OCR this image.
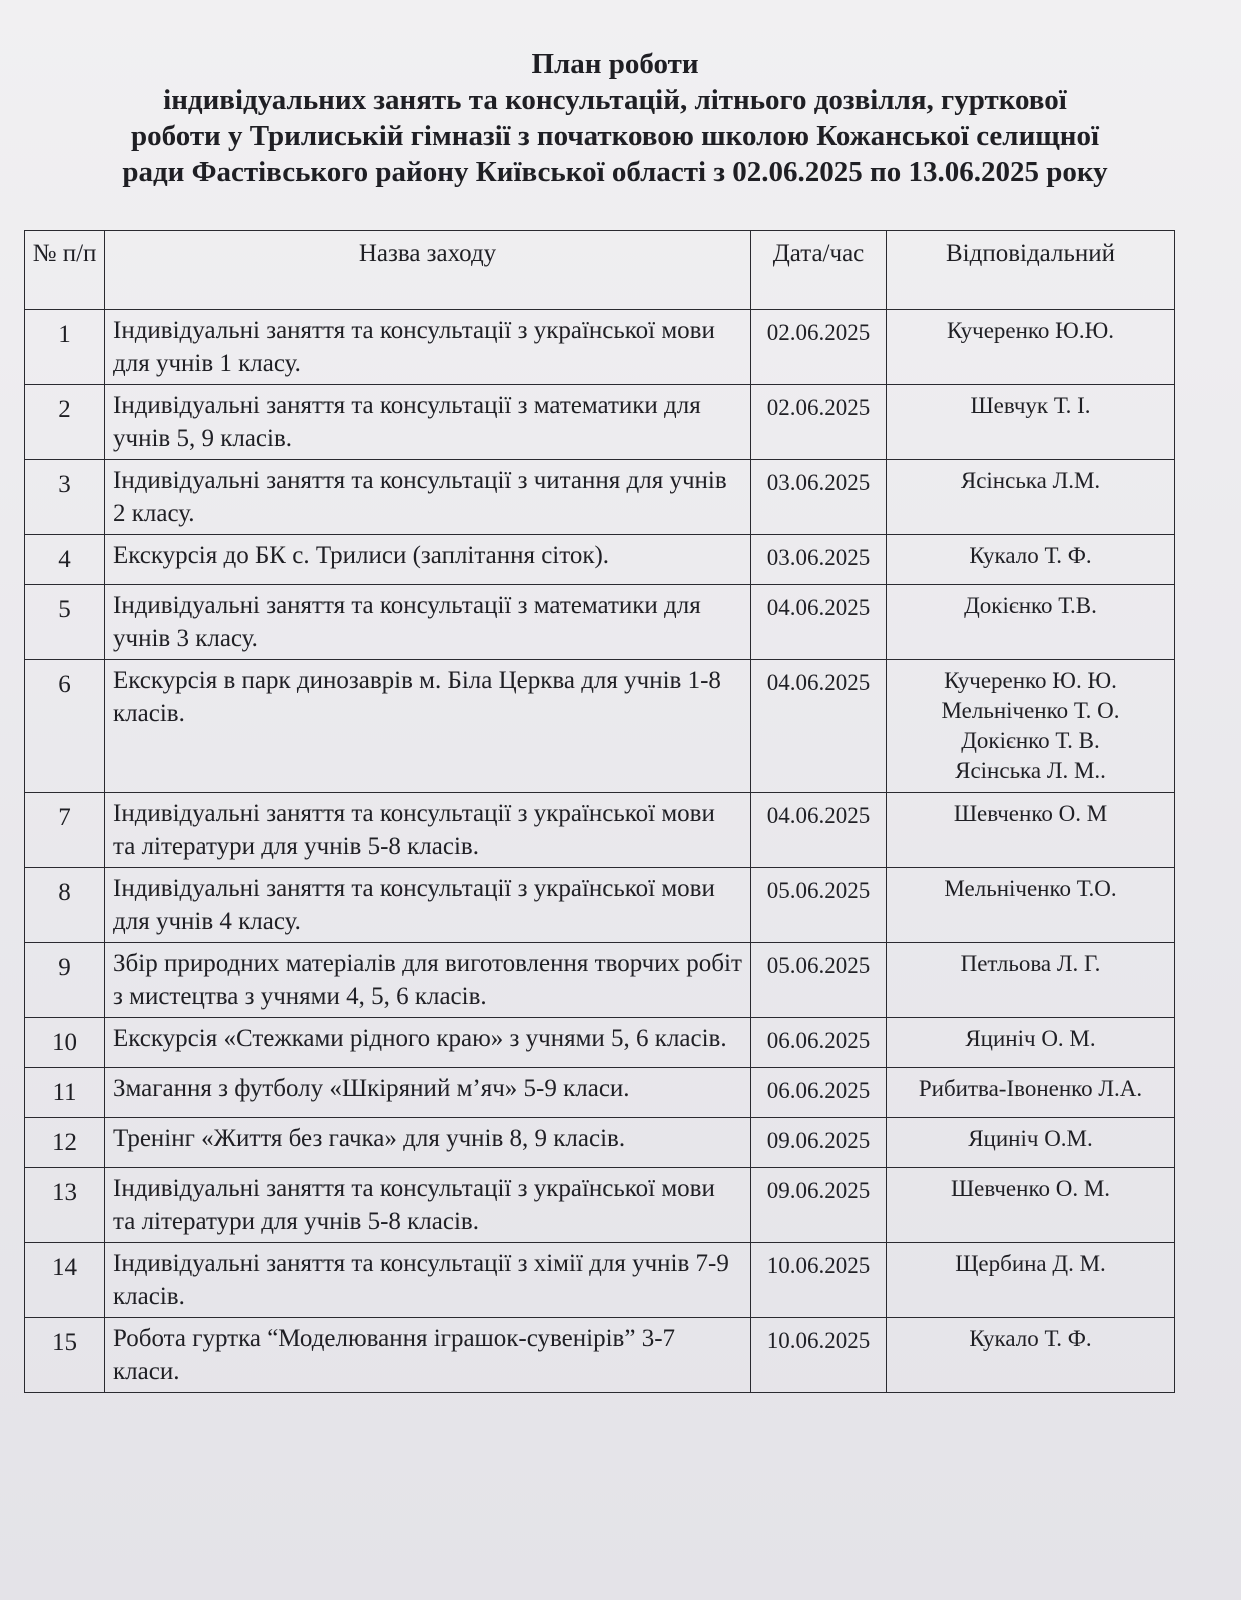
План роботи
індивідуальних занять та консультацій, літнього дозвілля, гурткової
роботи у Трилиській гімназії з початковою школою Кожанської селищної
ради Фастівського району Київської області з 02.06.2025 по 13.06.2025 року
№ п/п	Назва заходу	Дата/час	Відповідальний
1	Індивідуальні заняття та консультації з української мови для учнів 1 класу.	02.06.2025	Кучеренко Ю.Ю.

2	Індивідуальні заняття та консультації з математики для учнів 5, 9 класів.	02.06.2025	Шевчук Т. І.

3	Індивідуальні заняття та консультації з читання для учнів 2 класу.	03.06.2025	Ясінська Л.М.

4	Екскурсія до БК с. Трилиси (заплітання сіток).	03.06.2025	Кукало Т. Ф.

5	Індивідуальні заняття та консультації з математики для учнів 3 класу.	04.06.2025	Докієнко Т.В.

6	Екскурсія в парк динозаврів м. Біла Церква для учнів 1-8 класів.	04.06.2025	Кучеренко Ю. Ю.
Мельніченко Т. О.
Докієнко Т. В.
Ясінська Л. М..

7	Індивідуальні заняття та консультації з української мови та літератури для учнів 5-8 класів.	04.06.2025	Шевченко О. М

8	Індивідуальні заняття та консультації з української мови для учнів 4 класу.	05.06.2025	Мельніченко Т.О.

9	Збір природних матеріалів для виготовлення творчих робіт з мистецтва з учнями 4, 5, 6 класів.	05.06.2025	Петльова Л. Г.

10	Екскурсія «Стежками рідного краю» з учнями 5, 6 класів.	06.06.2025	Яциніч О. М.

11	Змагання з футболу «Шкіряний м’яч» 5-9 класи.	06.06.2025	Рибитва-Івоненко Л.А.

12	Тренінг «Життя без гачка» для учнів 8, 9 класів.	09.06.2025	Яциніч О.М.

13	Індивідуальні заняття та консультації з української мови та літератури для учнів 5-8 класів.	09.06.2025	Шевченко О. М.

14	Індивідуальні заняття та консультації з хімії для учнів 7-9 класів.	10.06.2025	Щербина Д. М.

15	Робота гуртка “Моделювання іграшок-сувенірів” 3-7 класи.	10.06.2025	Кукало Т. Ф.
